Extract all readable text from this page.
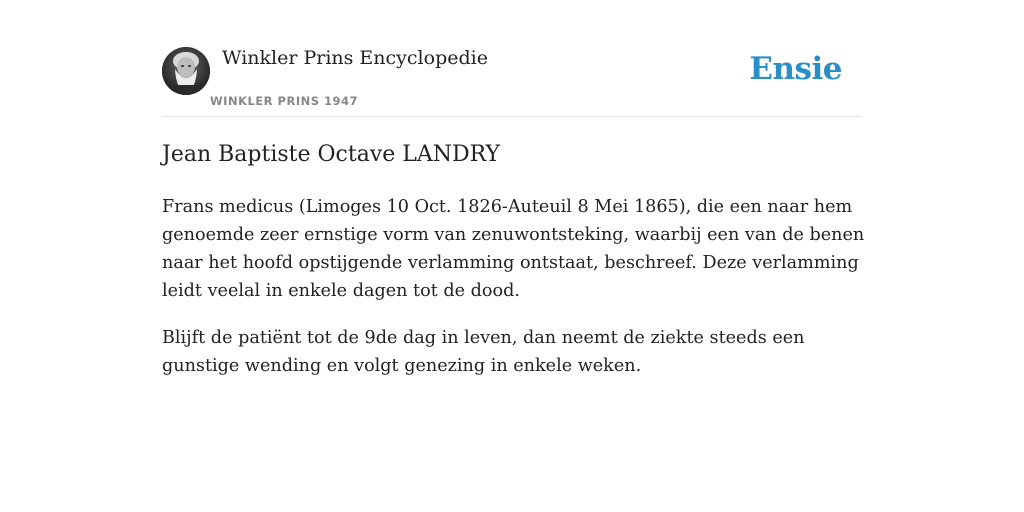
Winkler Prins Encyclopedie
WINKLER PRINS 1947
Ensie
Jean Baptiste Octave LANDRY

Frans medicus (Limoges 10 Oct. 1826-Auteuil 8 Mei 1865), die een naar hem genoemde zeer ernstige vorm van zenuwontsteking, waarbij een van de benen naar het hoofd opstijgende verlamming ontstaat, beschreef. Deze verlamming leidt veelal in enkele dagen tot de dood.

Blijft de patiënt tot de 9de dag in leven, dan neemt de ziekte steeds een gunstige wending en volgt genezing in enkele weken.
